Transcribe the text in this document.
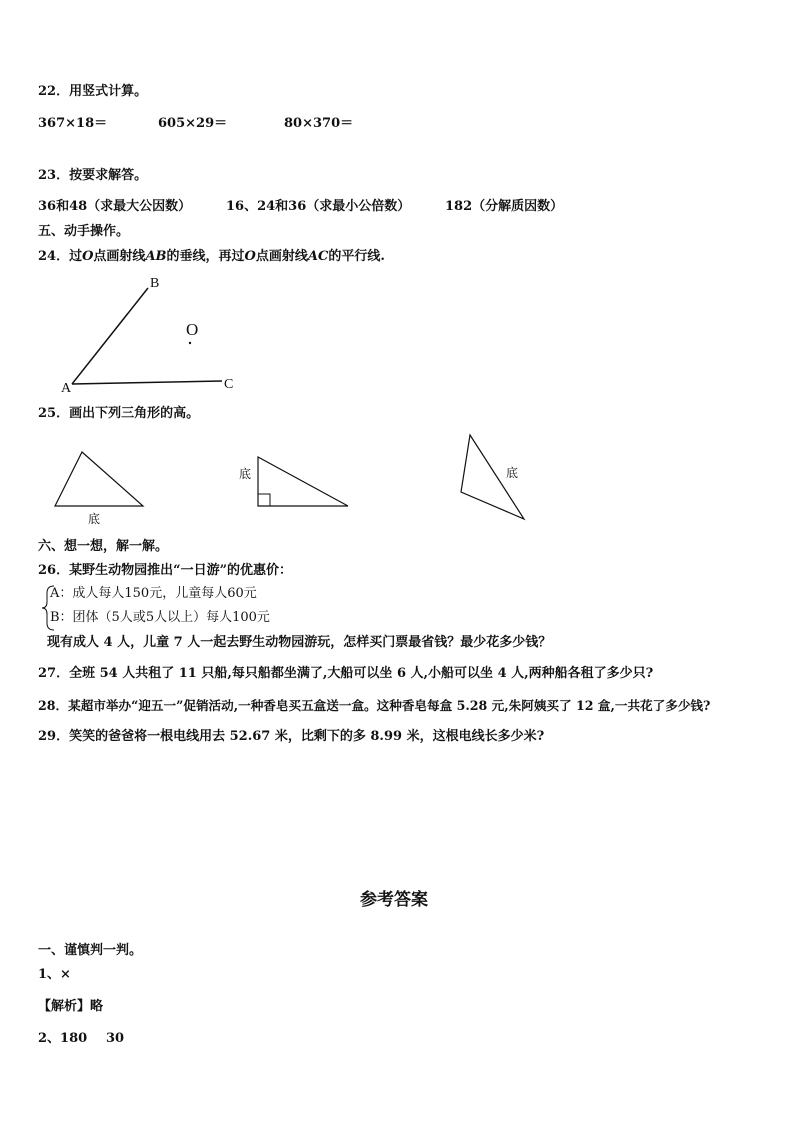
22．用竖式计算。
367×18＝	605×29＝	80×370＝
23．按要求解答。
36和48（求最大公因数）	16、24和36（求最小公倍数）	182（分解质因数）
五、动手操作。
24．过O点画射线AB的垂线，再过O点画射线AC的平行线.
B
O
A	C
25．画出下列三角形的高。
底
底	底
六、想一想，解一解。
26．某野生动物园推出“一日游”的优惠价：
A：成人每人150元，儿童每人60元
B：团体（5人或5人以上）每人100元
现有成人 4 人，儿童 7 人一起去野生动物园游玩，怎样买门票最省钱？最少花多少钱？
27．全班 54 人共租了 11 只船,每只船都坐满了,大船可以坐 6 人,小船可以坐 4 人,两种船各租了多少只?
28．某超市举办“迎五一”促销活动,一种香皂买五盒送一盒。这种香皂每盒 5.28 元,朱阿姨买了 12 盒,一共花了多少钱?
29．笑笑的爸爸将一根电线用去 52.67 米，比剩下的多 8.99 米，这根电线长多少米?
参考答案
一、谨慎判一判。
1、×
【解析】略
2、180 30
